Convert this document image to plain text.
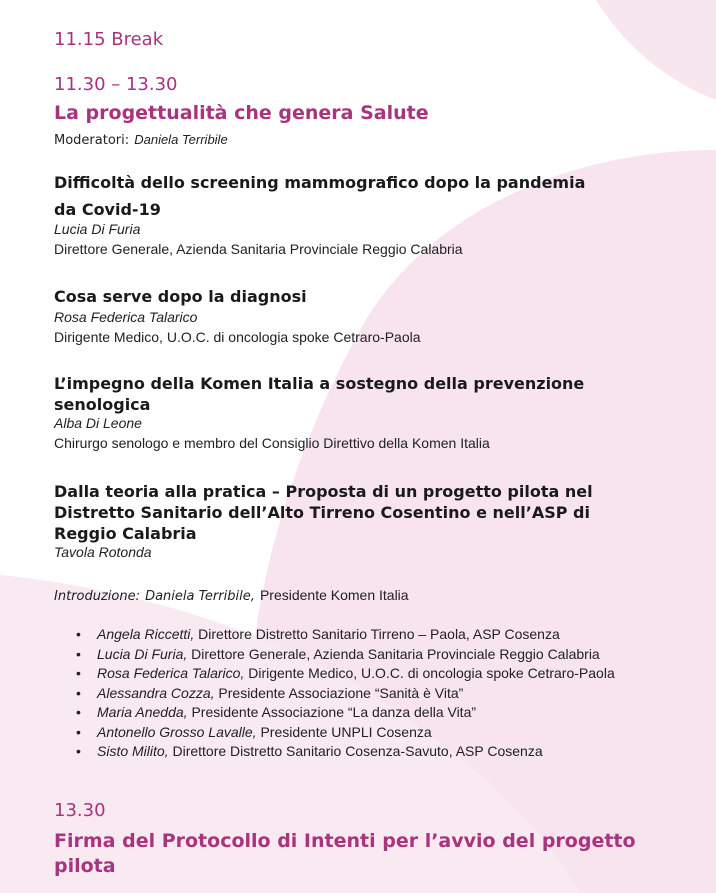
11.15 Break
11.30 – 13.30
La progettualità che genera Salute
Moderatori: Daniela Terribile
Difficoltà dello screening mammografico dopo la pandemia
da Covid-19
Lucia Di Furia
Direttore Generale, Azienda Sanitaria Provinciale Reggio Calabria
Cosa serve dopo la diagnosi
Rosa Federica Talarico
Dirigente Medico, U.O.C. di oncologia spoke Cetraro-Paola
L’impegno della Komen Italia a sostegno della prevenzione
senologica
Alba Di Leone
Chirurgo senologo e membro del Consiglio Direttivo della Komen Italia
Dalla teoria alla pratica – Proposta di un progetto pilota nel
Distretto Sanitario dell’Alto Tirreno Cosentino e nell’ASP di
Reggio Calabria
Tavola Rotonda
Introduzione: Daniela Terribile, Presidente Komen Italia
• Angela Riccetti, Direttore Distretto Sanitario Tirreno – Paola, ASP Cosenza
• Lucia Di Furia, Direttore Generale, Azienda Sanitaria Provinciale Reggio Calabria
• Rosa Federica Talarico, Dirigente Medico, U.O.C. di oncologia spoke Cetraro-Paola
• Alessandra Cozza, Presidente Associazione “Sanità è Vita”
• Maria Anedda, Presidente Associazione “La danza della Vita”
• Antonello Grosso Lavalle, Presidente UNPLI Cosenza
• Sisto Milito, Direttore Distretto Sanitario Cosenza-Savuto, ASP Cosenza
13.30
Firma del Protocollo di Intenti per l’avvio del progetto
pilota
